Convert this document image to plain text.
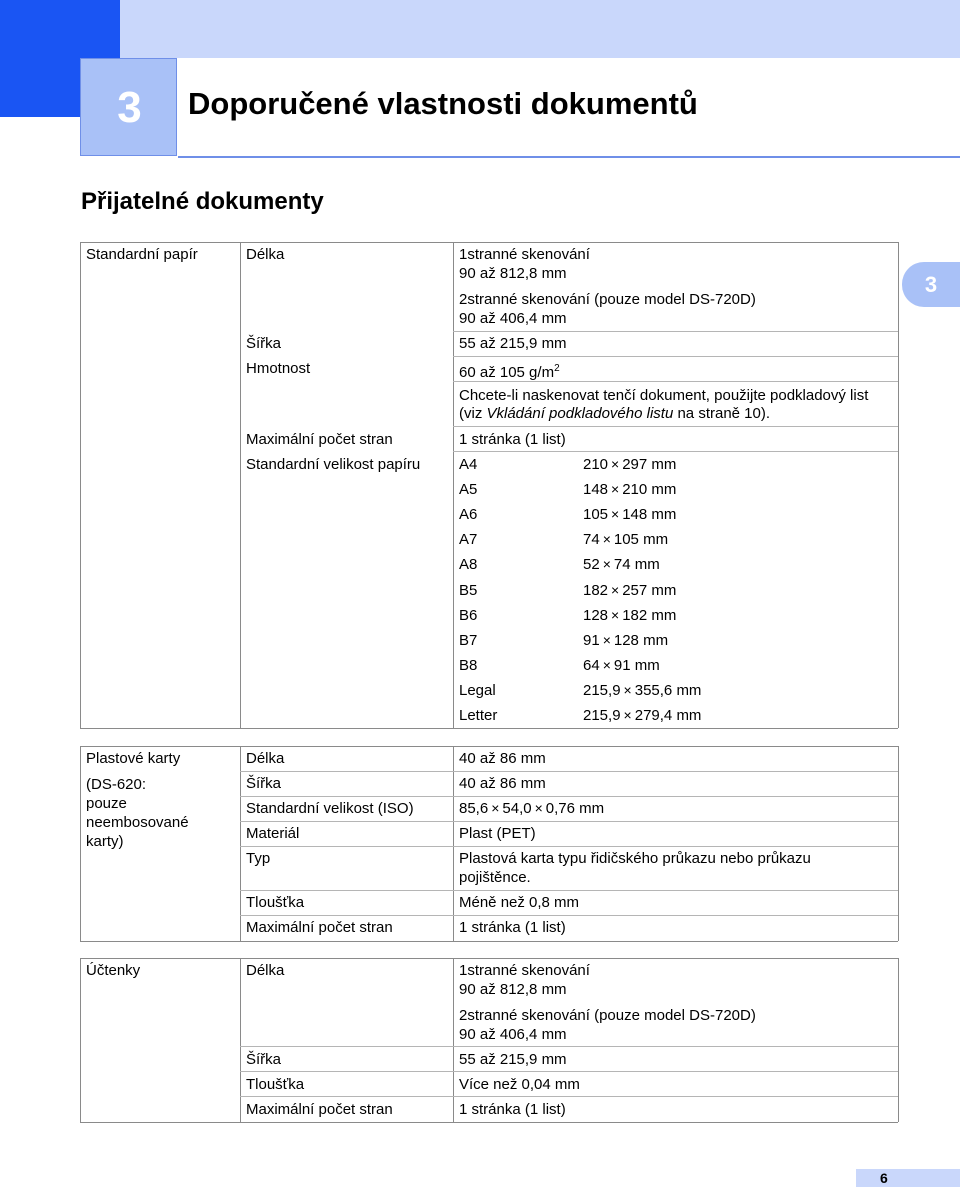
3	Doporučené vlastnosti dokumentů
Přijatelné dokumenty
3
Standardní papír	Délka	1stranné skenování
90 až 812,8 mm
2stranné skenování (pouze model DS-720D)
90 až 406,4 mm
Šířka	55 až 215,9 mm
Hmotnost	60 až 105 $g/m^2$
Chcete-li naskenovat tenčí dokument, použijte podkladový list
(viz Vkládání podkladového listu na straně 10).
Maximální počet stran	1 stránka (1 list)
Standardní velikost papíru	A4	210 × 297 mm
A5	148 × 210 mm
A6	105 × 148 mm
A7	74 × 105 mm
A8	52 × 74 mm
B5	182 × 257 mm
B6	128 × 182 mm
B7	91 × 128 mm
B8	64 × 91 mm
Legal	215,9 × 355,6 mm
Letter	215,9 × 279,4 mm
Plastové karty
(DS-620:
pouze
neembosované
karty)
Délka	40 až 86 mm
Šířka	40 až 86 mm
Standardní velikost (ISO)	85,6 × 54,0 × 0,76 mm
Materiál	Plast (PET)
Typ	Plastová karta typu řidičského průkazu nebo průkazu
pojištěnce.
Tloušťka	Méně než 0,8 mm
Maximální počet stran	1 stránka (1 list)
Účtenky	Délka	1stranné skenování
90 až 812,8 mm
2stranné skenování (pouze model DS-720D)
90 až 406,4 mm
Šířka	55 až 215,9 mm
Tloušťka	Více než 0,04 mm
Maximální počet stran	1 stránka (1 list)
6
